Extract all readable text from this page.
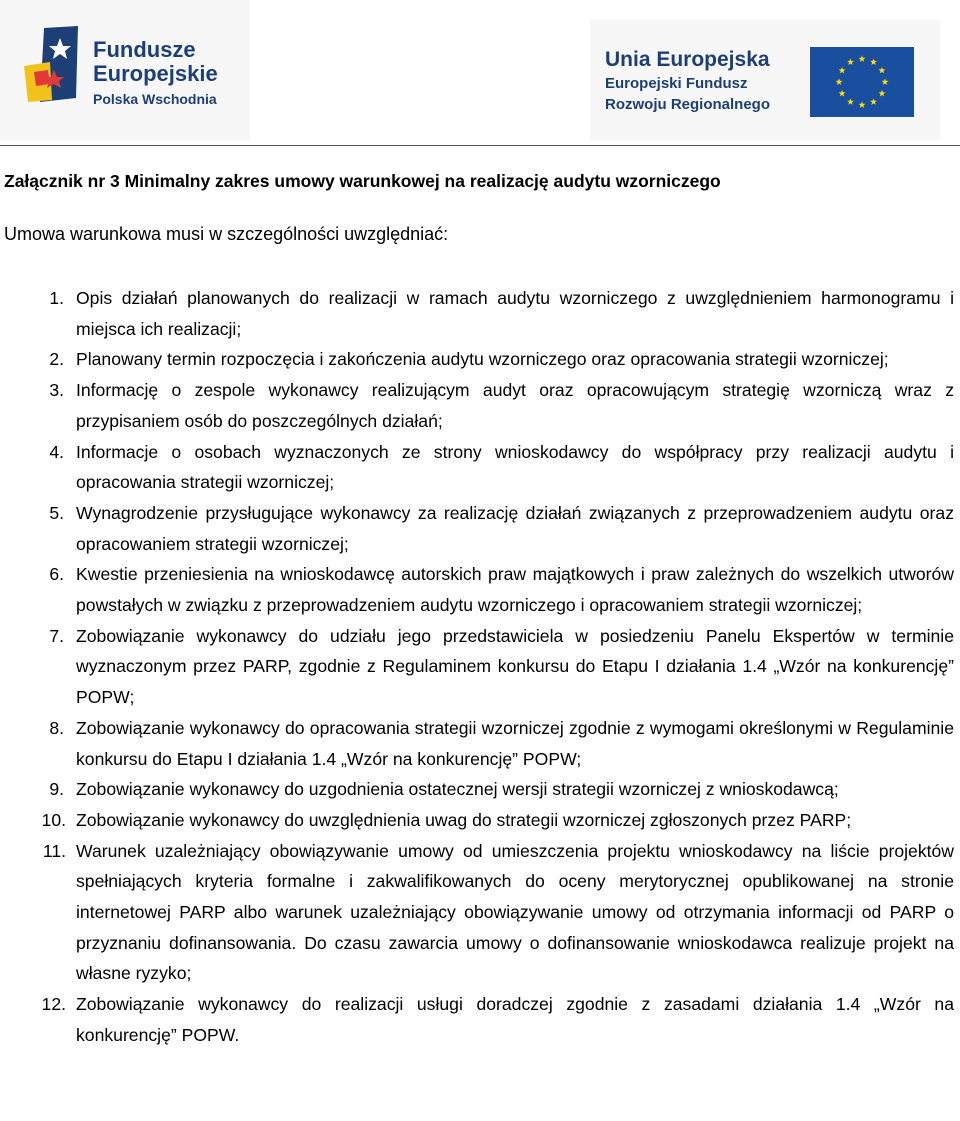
Fundusze
Europejskie
Polska Wschodnia
Unia Europejska
Europejski Fundusz
Rozwoju Regionalnego

Załącznik nr 3 Minimalny zakres umowy warunkowej na realizację audytu wzorniczego

Umowa warunkowa musi w szczególności uwzględniać:

1. Opis działań planowanych do realizacji w ramach audytu wzorniczego z uwzględnieniem harmonogramu i miejsca ich realizacji;
2. Planowany termin rozpoczęcia i zakończenia audytu wzorniczego oraz opracowania strategii wzorniczej;
3. Informację o zespole wykonawcy realizującym audyt oraz opracowującym strategię wzorniczą wraz z przypisaniem osób do poszczególnych działań;
4. Informacje o osobach wyznaczonych ze strony wnioskodawcy do współpracy przy realizacji audytu i opracowania strategii wzorniczej;
5. Wynagrodzenie przysługujące wykonawcy za realizację działań związanych z przeprowadzeniem audytu oraz opracowaniem strategii wzorniczej;
6. Kwestie przeniesienia na wnioskodawcę autorskich praw majątkowych i praw zależnych do wszelkich utworów powstałych w związku z przeprowadzeniem audytu wzorniczego i opracowaniem strategii wzorniczej;
7. Zobowiązanie wykonawcy do udziału jego przedstawiciela w posiedzeniu Panelu Ekspertów w terminie wyznaczonym przez PARP, zgodnie z Regulaminem konkursu do Etapu I działania 1.4 „Wzór na konkurencję” POPW;
8. Zobowiązanie wykonawcy do opracowania strategii wzorniczej zgodnie z wymogami określonymi w Regulaminie konkursu do Etapu I działania 1.4 „Wzór na konkurencję” POPW;
9. Zobowiązanie wykonawcy do uzgodnienia ostatecznej wersji strategii wzorniczej z wnioskodawcą;
10. Zobowiązanie wykonawcy do uwzględnienia uwag do strategii wzorniczej zgłoszonych przez PARP;
11. Warunek uzależniający obowiązywanie umowy od umieszczenia projektu wnioskodawcy na liście projektów spełniających kryteria formalne i zakwalifikowanych do oceny merytorycznej opublikowanej na stronie internetowej PARP albo warunek uzależniający obowiązywanie umowy od otrzymania informacji od PARP o przyznaniu dofinansowania. Do czasu zawarcia umowy o dofinansowanie wnioskodawca realizuje projekt na własne ryzyko;
12. Zobowiązanie wykonawcy do realizacji usługi doradczej zgodnie z zasadami działania 1.4 „Wzór na konkurencję” POPW.
